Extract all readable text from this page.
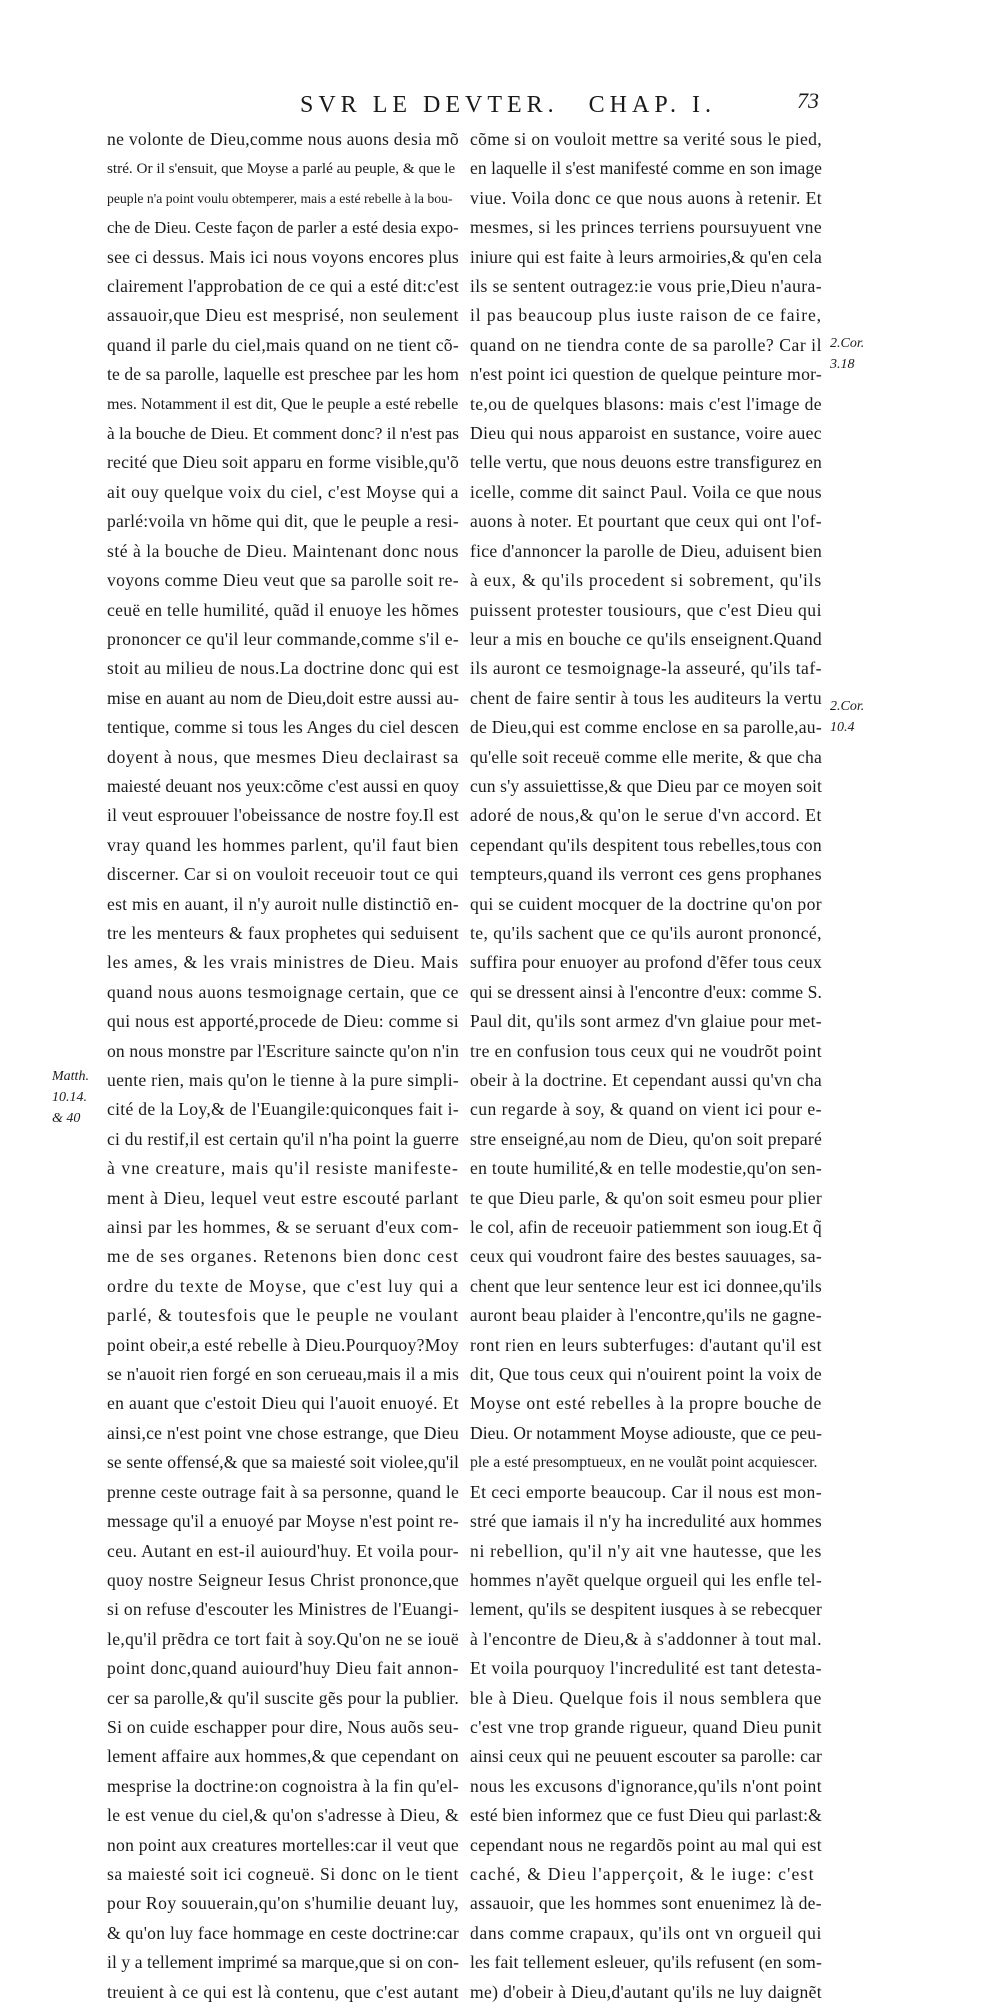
SVR LE DEVTER. CHAP. I.	73

ne volonte de Dieu,comme nous auons desia mõ

stré. Or il s'ensuit, que Moyse a parlé au peuple, & que le

peuple n'a point voulu obtemperer, mais a esté rebelle à la bou-

che de Dieu. Ceste façon de parler a esté desia expo-

see ci dessus. Mais ici nous voyons encores plus

clairement l'approbation de ce qui a esté dit:c'est

assauoir,que Dieu est mesprisé, non seulement

quand il parle du ciel,mais quand on ne tient cõ-

te de sa parolle, laquelle est preschee par les hom

mes. Notamment il est dit, Que le peuple a esté rebelle

à la bouche de Dieu. Et comment donc? il n'est pas

recité que Dieu soit apparu en forme visible,qu'õ

ait ouy quelque voix du ciel, c'est Moyse qui a

parlé:voila vn hõme qui dit, que le peuple a resi-

sté à la bouche de Dieu. Maintenant donc nous

voyons comme Dieu veut que sa parolle soit re-

ceuë en telle humilité, quãd il enuoye les hõmes

prononcer ce qu'il leur commande,comme s'il e-

stoit au milieu de nous.La doctrine donc qui est

mise en auant au nom de Dieu,doit estre aussi au-

tentique, comme si tous les Anges du ciel descen

doyent à nous, que mesmes Dieu declairast sa

maiesté deuant nos yeux:cõme c'est aussi en quoy

il veut esprouuer l'obeissance de nostre foy.Il est

vray quand les hommes parlent, qu'il faut bien

discerner. Car si on vouloit receuoir tout ce qui

est mis en auant, il n'y auroit nulle distinctiõ en-

tre les menteurs & faux prophetes qui seduisent

les ames, & les vrais ministres de Dieu. Mais

quand nous auons tesmoignage certain, que ce

qui nous est apporté,procede de Dieu: comme si

on nous monstre par l'Escriture saincte qu'on n'in

uente rien, mais qu'on le tienne à la pure simpli-

cité de la Loy,& de l'Euangile:quiconques fait i-

ci du restif,il est certain qu'il n'ha point la guerre

à vne creature, mais qu'il resiste manifeste-

ment à Dieu, lequel veut estre escouté parlant

ainsi par les hommes, & se seruant d'eux com-

me de ses organes. Retenons bien donc cest

ordre du texte de Moyse, que c'est luy qui a

parlé, & toutesfois que le peuple ne voulant

point obeir,a esté rebelle à Dieu.Pourquoy?Moy

se n'auoit rien forgé en son cerueau,mais il a mis

en auant que c'estoit Dieu qui l'auoit enuoyé. Et

ainsi,ce n'est point vne chose estrange, que Dieu

se sente offensé,& que sa maiesté soit violee,qu'il

prenne ceste outrage fait à sa personne, quand le

message qu'il a enuoyé par Moyse n'est point re-

ceu. Autant en est-il auiourd'huy. Et voila pour-

quoy nostre Seigneur Iesus Christ prononce,que

si on refuse d'escouter les Ministres de l'Euangi-

le,qu'il prẽdra ce tort fait à soy.Qu'on ne se iouë

point donc,quand auiourd'huy Dieu fait annon-

cer sa parolle,& qu'il suscite gẽs pour la publier.

Si on cuide eschapper pour dire, Nous auõs seu-

lement affaire aux hommes,& que cependant on

mesprise la doctrine:on cognoistra à la fin qu'el-

le est venue du ciel,& qu'on s'adresse à Dieu, &

non point aux creatures mortelles:car il veut que

sa maiesté soit ici cogneuë. Si donc on le tient

pour Roy souuerain,qu'on s'humilie deuant luy,

& qu'on luy face hommage en ceste doctrine:car

il y a tellement imprimé sa marque,que si on con-

treuient à ce qui est là contenu, que c'est autant

cõme si on vouloit mettre sa verité sous le pied,

en laquelle il s'est manifesté comme en son image

viue. Voila donc ce que nous auons à retenir. Et

mesmes, si les princes terriens poursuyuent vne

iniure qui est faite à leurs armoiries,& qu'en cela

ils se sentent outragez:ie vous prie,Dieu n'aura-

il pas beaucoup plus iuste raison de ce faire,

quand on ne tiendra conte de sa parolle? Car il

n'est point ici question de quelque peinture mor-

te,ou de quelques blasons: mais c'est l'image de

Dieu qui nous apparoist en sustance, voire auec

telle vertu, que nous deuons estre transfigurez en

icelle, comme dit sainct Paul. Voila ce que nous

auons à noter. Et pourtant que ceux qui ont l'of-

fice d'annoncer la parolle de Dieu, aduisent bien

à eux, & qu'ils procedent si sobrement, qu'ils

puissent protester tousiours, que c'est Dieu qui

leur a mis en bouche ce qu'ils enseignent.Quand

ils auront ce tesmoignage-la asseuré, qu'ils taf-

chent de faire sentir à tous les auditeurs la vertu

de Dieu,qui est comme enclose en sa parolle,au-

qu'elle soit receuë comme elle merite, & que cha

cun s'y assuiettisse,& que Dieu par ce moyen soit

adoré de nous,& qu'on le serue d'vn accord. Et

cependant qu'ils despitent tous rebelles,tous con

tempteurs,quand ils verront ces gens prophanes

qui se cuident mocquer de la doctrine qu'on por

te, qu'ils sachent que ce qu'ils auront prononcé,

suffira pour enuoyer au profond d'ẽfer tous ceux

qui se dressent ainsi à l'encontre d'eux: comme S.

Paul dit, qu'ils sont armez d'vn glaiue pour met-

tre en confusion tous ceux qui ne voudrõt point

obeir à la doctrine. Et cependant aussi qu'vn cha

cun regarde à soy, & quand on vient ici pour e-

stre enseigné,au nom de Dieu, qu'on soit preparé

en toute humilité,& en telle modestie,qu'on sen-

te que Dieu parle, & qu'on soit esmeu pour plier

le col, afin de receuoir patiemment son ioug.Et q̃

ceux qui voudront faire des bestes sauuages, sa-

chent que leur sentence leur est ici donnee,qu'ils

auront beau plaider à l'encontre,qu'ils ne gagne-

ront rien en leurs subterfuges: d'autant qu'il est

dit, Que tous ceux qui n'ouirent point la voix de

Moyse ont esté rebelles à la propre bouche de

Dieu. Or notamment Moyse adiouste, que ce peu-

ple a esté presomptueux, en ne voulãt point acquiescer.

Et ceci emporte beaucoup. Car il nous est mon-

stré que iamais il n'y ha incredulité aux hommes

ni rebellion, qu'il n'y ait vne hautesse, que les

hommes n'ayẽt quelque orgueil qui les enfle tel-

lement, qu'ils se despitent iusques à se rebecquer

à l'encontre de Dieu,& à s'addonner à tout mal.

Et voila pourquoy l'incredulité est tant detesta-

ble à Dieu. Quelque fois il nous semblera que

c'est vne trop grande rigueur, quand Dieu punit

ainsi ceux qui ne peuuent escouter sa parolle: car

nous les excusons d'ignorance,qu'ils n'ont point

esté bien informez que ce fust Dieu qui parlast:&

cependant nous ne regardõs point au mal qui est

caché, & Dieu l'apperçoit, & le iuge: c'est

assauoir, que les hommes sont enuenimez là de-

dans comme crapaux, qu'ils ont vn orgueil qui

les fait tellement esleuer, qu'ils refusent (en som-

me) d'obeir à Dieu,d'autant qu'ils ne luy daignẽt

Matth.
10.14.
& 40
2.Cor.
3.18
2.Cor.
10.4
